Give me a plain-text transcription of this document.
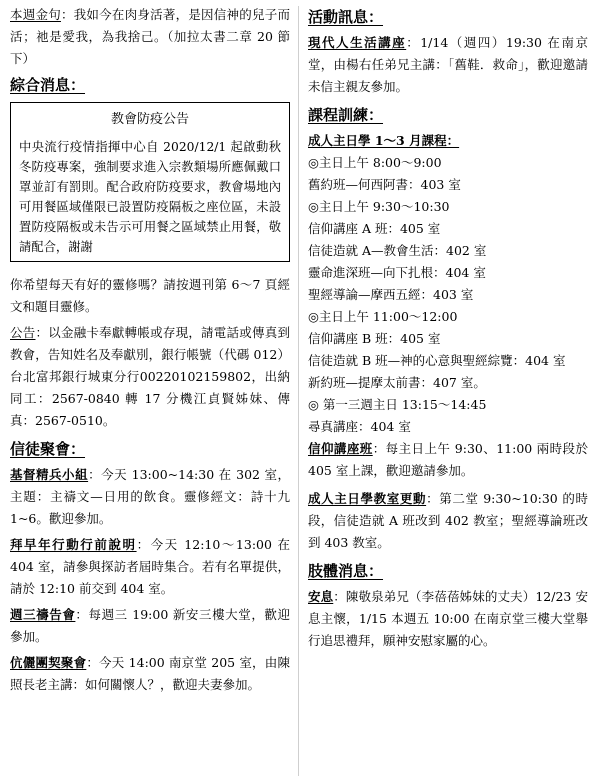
本週金句：我如今在肉身活著，是因信神的兒子而活；祂是愛我，為我捨己。（加拉太書二章 20 節下）

綜合消息：
教會防疫公告

中央流行疫情指揮中心自 2020/12/1 起啟動秋冬防疫專案，強制要求進入宗教類場所應佩戴口罩並訂有罰則。配合政府防疫要求，教會場地內可用餐區域僅限已設置防疫隔板之座位區，未設置防疫隔板或未告示可用餐之區域禁止用餐，敬請配合，謝謝

你希望每天有好的靈修嗎？請按週刊第 6～7 頁經文和題目靈修。

公告：以金融卡奉獻轉帳或存現，請電話或傳真到教會，告知姓名及奉獻別，銀行帳號（代碼 012）台北富邦銀行城東分行00220102159802，出納同工：2567-0840 轉 17 分機江貞賢姊妹、傳真：2567-0510。

信徒聚會：

基督精兵小組：今天 13:00~14:30 在 302 室，主題：主禱文—日用的飲食。靈修經文：詩十九 1~6。歡迎參加。

拜早年行動行前說明：今天 12:10～13:00 在 404 室，請參與探訪者屆時集合。若有名單提供，請於 12:10 前交到 404 室。

週三禱告會：每週三 19:00 新安三樓大堂，歡迎參加。

伉儷團契聚會：今天 14:00 南京堂 205 室，由陳照長老主講：如何關懷人？，歡迎夫妻參加。

活動訊息：

現代人生活講座：1/14（週四）19:30 在南京堂，由楊右任弟兄主講：「舊鞋．救命」，歡迎邀請未信主親友參加。

課程訓練：

成人主日學 1～3 月課程：

◎主日上午 8:00～9:00

舊約班—何西阿書：403 室

◎主日上午 9:30～10:30

信仰講座 A 班：405 室

信徒造就 A—教會生活：402 室

靈命進深班—向下扎根：404 室

聖經導論—摩西五經：403 室

◎主日上午 11:00～12:00

信仰講座 B 班：405 室

信徒造就 B 班—神的心意與聖經綜覽：404 室

新約班—提摩太前書：407 室。

◎ 第一三週主日 13:15～14:45

尋真講座：404 室

信仰講座班：每主日上午 9:30、11:00 兩時段於 405 室上課，歡迎邀請參加。

成人主日學教室更動：第二堂 9:30~10:30 的時段，信徒造就 A 班改到 402 教室；聖經導論班改到 403 教室。

肢體消息：

安息：陳敬泉弟兄（李蓓蓓姊妹的丈夫）12/23 安息主懷，1/15 本週五 10:00 在南京堂三樓大堂舉行追思禮拜，願神安慰家屬的心。
